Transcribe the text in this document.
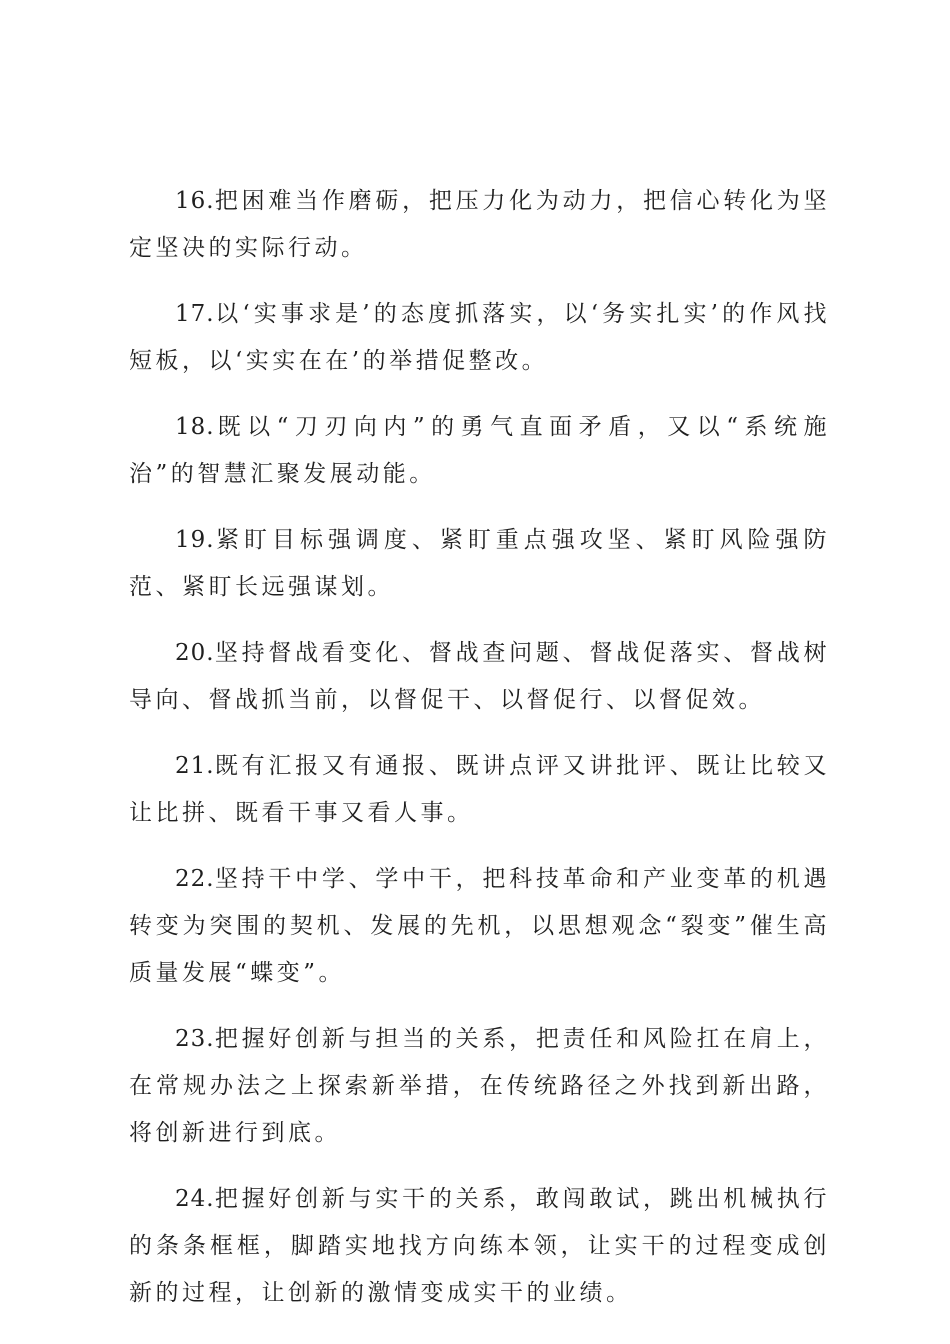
16.把困难当作磨砺，把压力化为动力，把信心转化为坚定坚决的实际行动。

17.以‘实事求是’的态度抓落实，以‘务实扎实’的作风找短板，以‘实实在在’的举措促整改。

18.既以“刀刃向内”的勇气直面矛盾，又以“系统施治”的智慧汇聚发展动能。

19.紧盯目标强调度、紧盯重点强攻坚、紧盯风险强防范、紧盯长远强谋划。

20.坚持督战看变化、督战查问题、督战促落实、督战树导向、督战抓当前，以督促干、以督促行、以督促效。

21.既有汇报又有通报、既讲点评又讲批评、既让比较又让比拼、既看干事又看人事。

22.坚持干中学、学中干，把科技革命和产业变革的机遇转变为突围的契机、发展的先机，以思想观念“裂变”催生高质量发展“蝶变”。

23.把握好创新与担当的关系，把责任和风险扛在肩上，在常规办法之上探索新举措，在传统路径之外找到新出路，将创新进行到底。

24.把握好创新与实干的关系，敢闯敢试，跳出机械执行的条条框框，脚踏实地找方向练本领，让实干的过程变成创新的过程，让创新的激情变成实干的业绩。
